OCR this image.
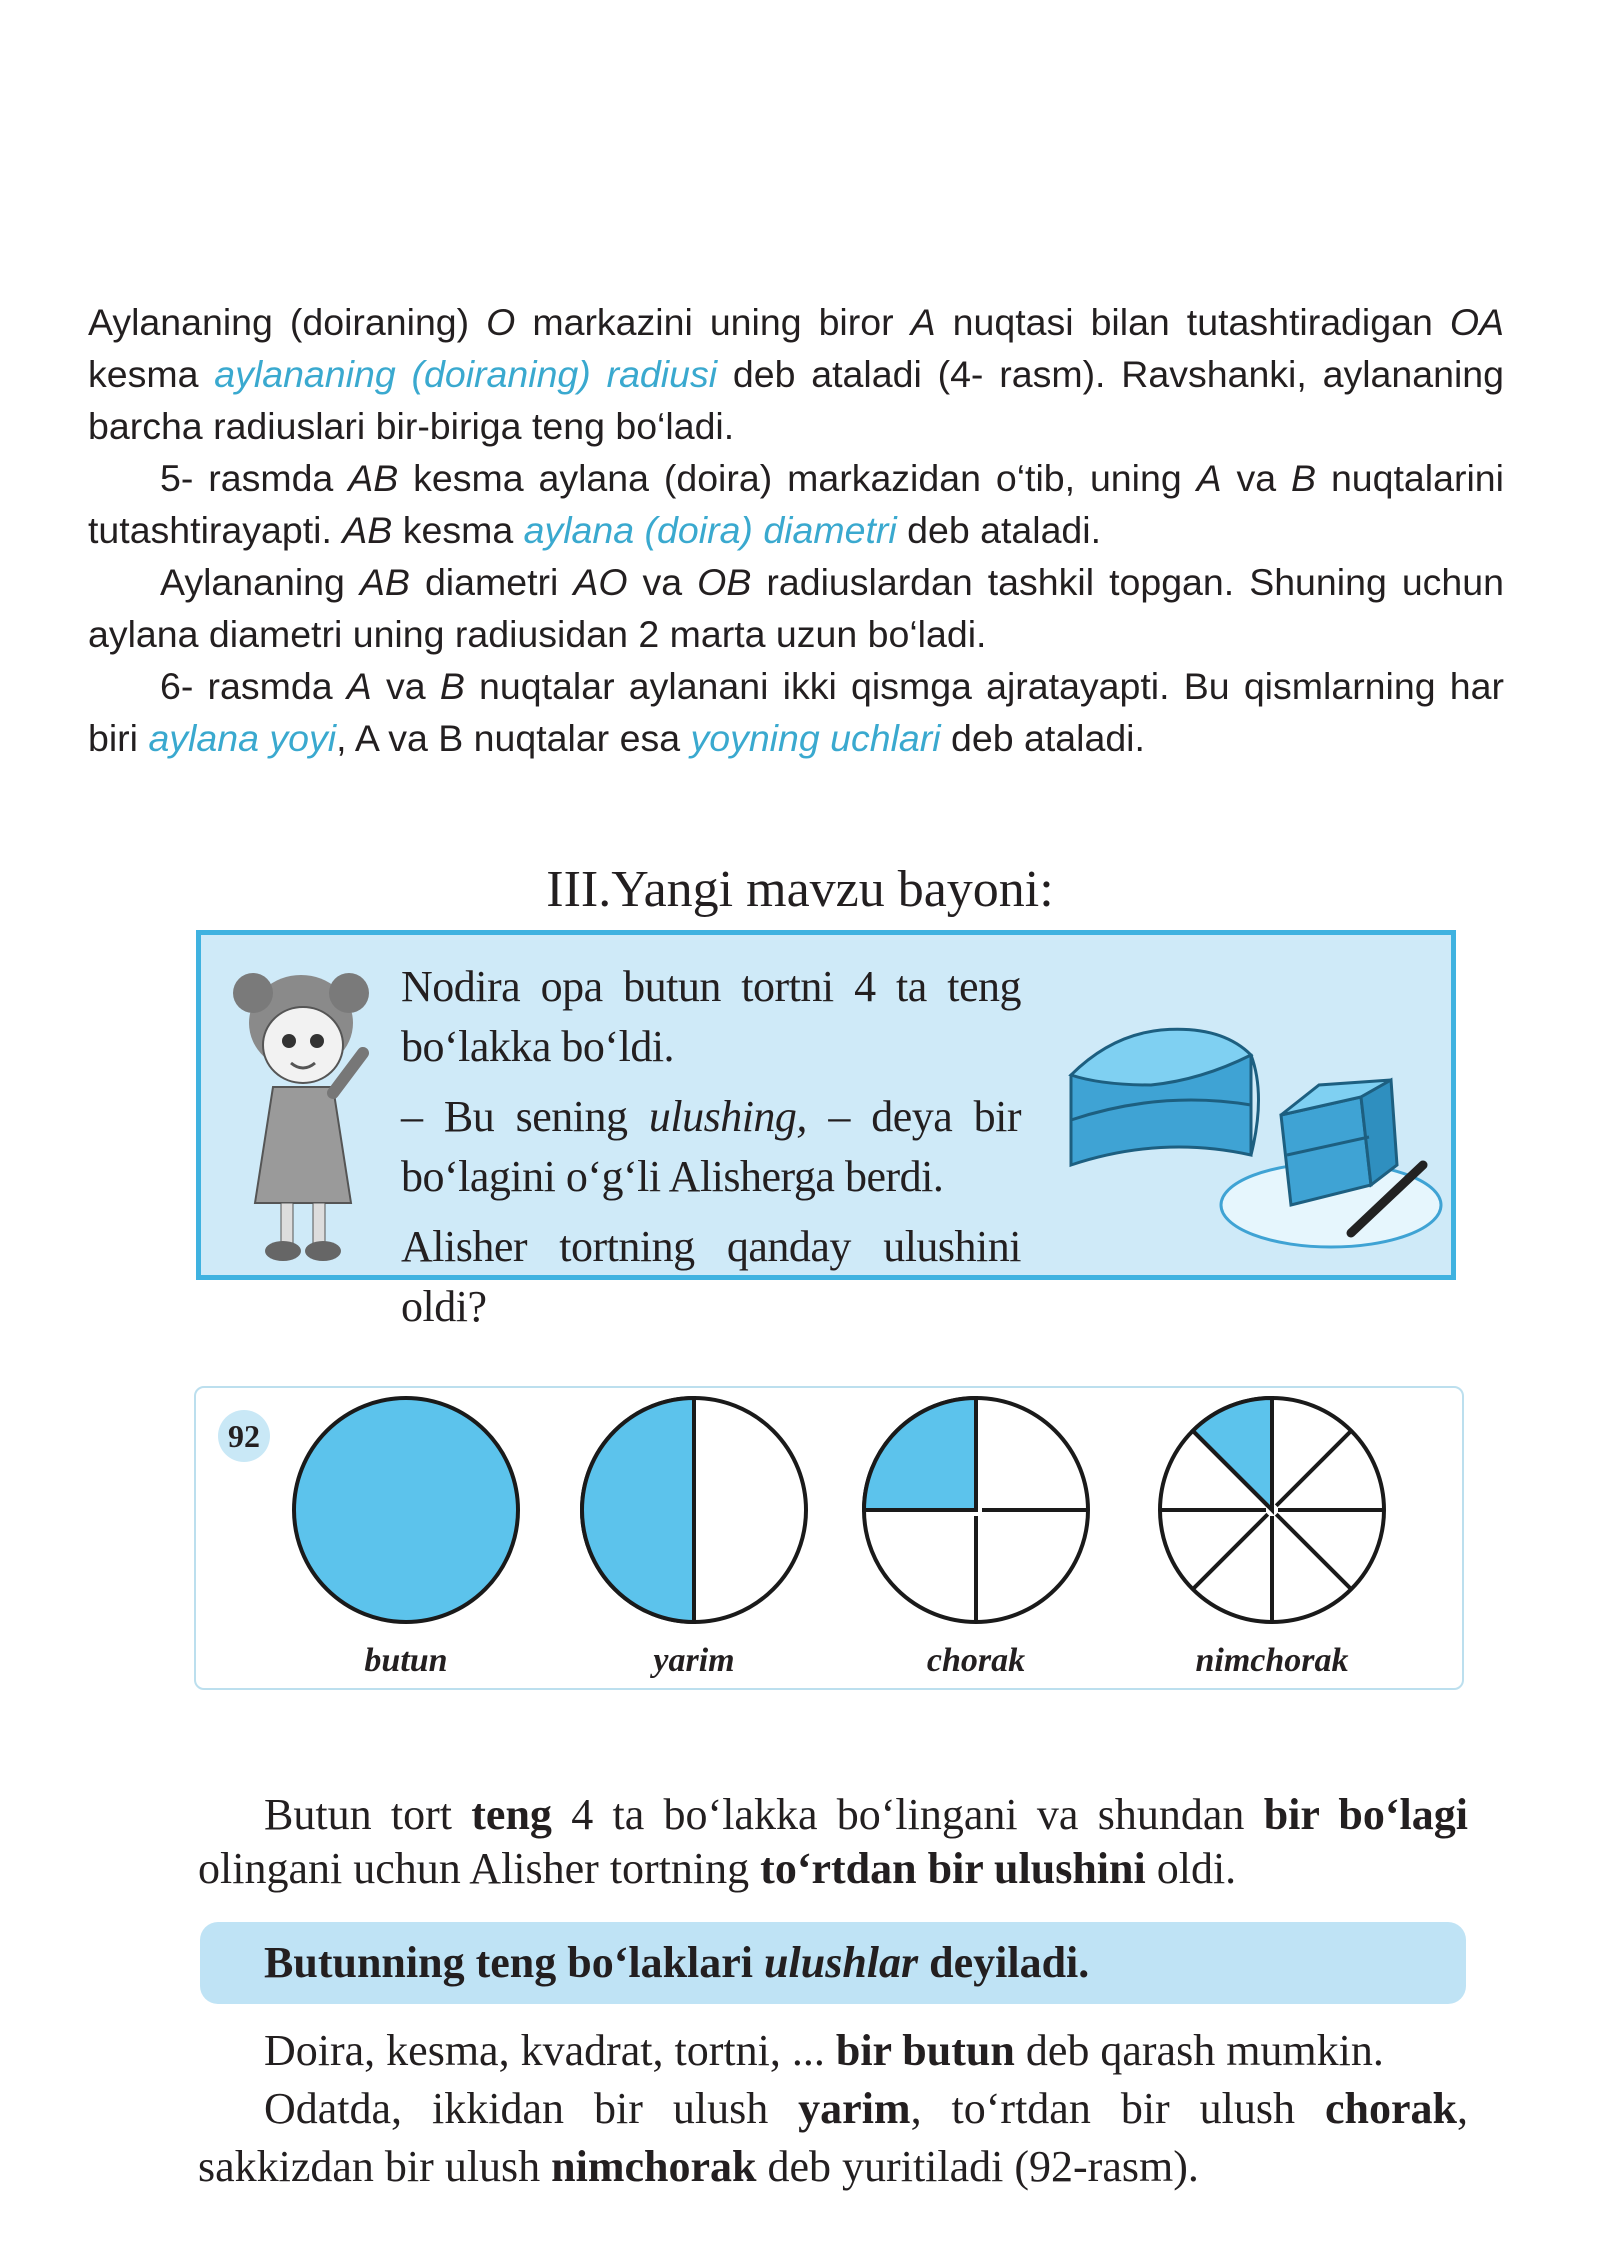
Aylananing (doiraning) O markazini uning biror A nuqtasi bilan tutashtiradigan OA kesma aylananing (doiraning) radiusi deb ataladi (4- rasm). Ravshanki, aylananing barcha radiuslari bir-biriga teng bo‘ladi.

5- rasmda AB kesma aylana (doira) markazidan o‘tib, uning A va B nuqtalarini tutashtirayapti. AB kesma aylana (doira) diametri deb ataladi.

Aylananing AB diametri AO va OB radiuslardan tashkil topgan. Shuning uchun aylana diametri uning radiusidan 2 marta uzun bo‘ladi.

6- rasmda A va B nuqtalar aylanani ikki qismga ajratayapti. Bu qismlarning har biri aylana yoyi, A va B nuqtalar esa yoyning uchlari deb ataladi.

III.Yangi mavzu bayoni:

Nodira opa butun tortni 4 ta teng bo‘lakka bo‘ldi.

– Bu sening ulushing, – deya bir bo‘lagini o‘g‘li Alisherga berdi.

Alisher tortning qanday ulushini oldi?

92
butun	yarim	chorak	nimchorak

Butun tort teng 4 ta bo‘lakka bo‘lingani va shundan bir bo‘lagi olingani uchun Alisher tortning to‘rtdan bir ulushini oldi.

Butunning teng bo‘laklari ulushlar deyiladi.

Doira, kesma, kvadrat, tortni, ... bir butun deb qarash mumkin.

Odatda, ikkidan bir ulush yarim, to‘rtdan bir ulush chorak, sakkizdan bir ulush nimchorak deb yuritiladi (92-rasm).
